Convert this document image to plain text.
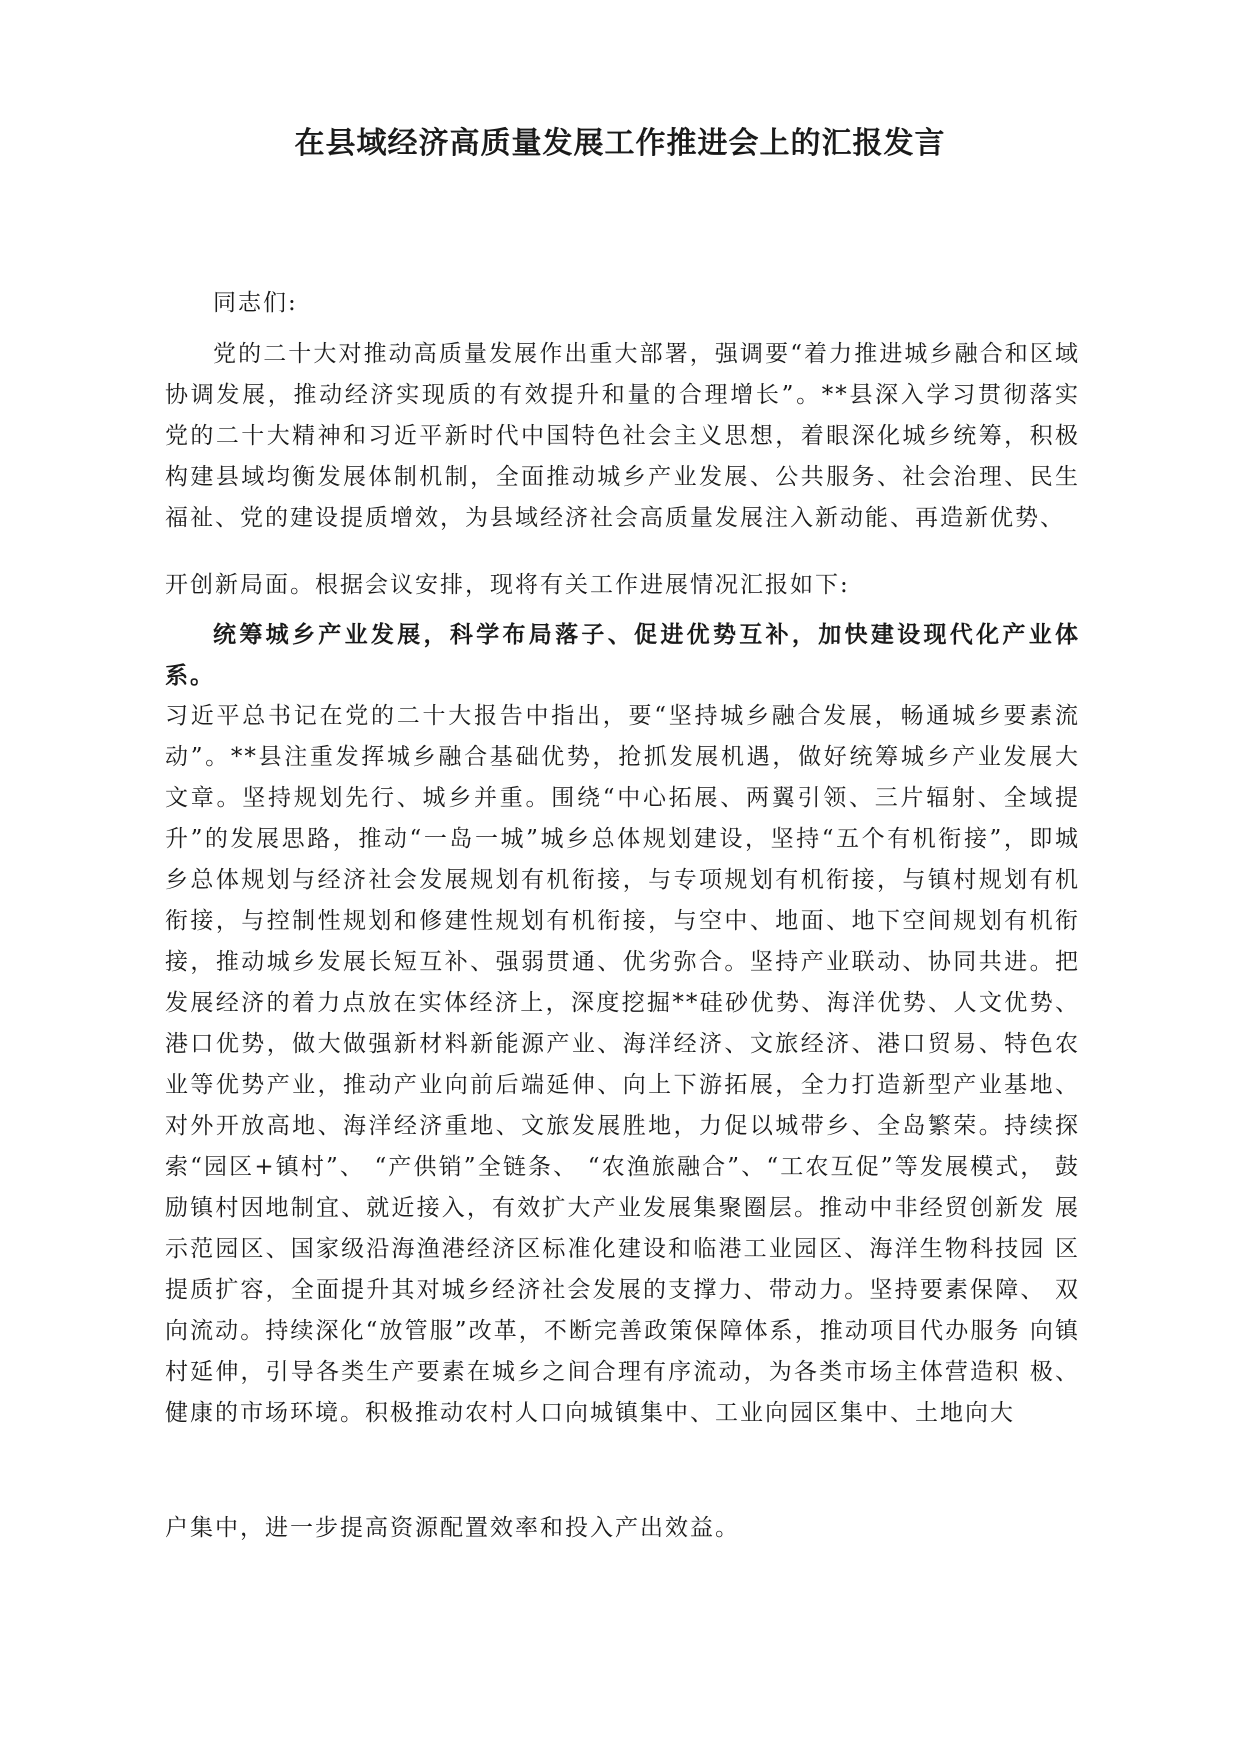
在县域经济高质量发展工作推进会上的汇报发言
同志们:
党的二十大对推动高质量发展作出重大部署，强调要“着力推进城乡融合和区域协调发展，推动经济实现质的有效提升和量的合理增长”。**县深入学习贯彻落实党的二十大精神和习近平新时代中国特色社会主义思想，着眼深化城乡统筹，积极构建县域均衡发展体制机制，全面推动城乡产业发展、公共服务、社会治理、民生福祉、党的建设提质增效，为县域经济社会高质量发展注入新动能、再造新优势、
开创新局面。根据会议安排，现将有关工作进展情况汇报如下:
统筹城乡产业发展，科学布局落子、促进优势互补，加快建设现代化产业体系。
习近平总书记在党的二十大报告中指出，要“坚持城乡融合发展，畅通城乡要素流动”。**县注重发挥城乡融合基础优势，抢抓发展机遇，做好统筹城乡产业发展大文章。坚持规划先行、城乡并重。围绕“中心拓展、两翼引领、三片辐射、全域提升”的发展思路，推动“一岛一城”城乡总体规划建设，坚持“五个有机衔接”，即城乡总体规划与经济社会发展规划有机衔接，与专项规划有机衔接，与镇村规划有机衔接，与控制性规划和修建性规划有机衔接，与空中、地面、地下空间规划有机衔接，推动城乡发展长短互补、强弱贯通、优劣弥合。坚持产业联动、协同共进。把发展经济的着力点放在实体经济上，深度挖掘**硅砂优势、海洋优势、人文优势、港口优势，做大做强新材料新能源产业、海洋经济、文旅经济、港口贸易、特色农业等优势产业，推动产业向前后端延伸、向上下游拓展，全力打造新型产业基地、对外开放高地、海洋经济重地、文旅发展胜地，力促以城带乡、全岛繁荣。持续探索“园区+镇村”、 “产供销”全链条、 “农渔旅融合”、“工农互促”等发展模式， 鼓励镇村因地制宜、就近接入，有效扩大产业发展集聚圈层。推动中非经贸创新发 展示范园区、国家级沿海渔港经济区标准化建设和临港工业园区、海洋生物科技园 区提质扩容，全面提升其对城乡经济社会发展的支撑力、带动力。坚持要素保障、 双向流动。持续深化“放管服”改革，不断完善政策保障体系，推动项目代办服务 向镇村延伸，引导各类生产要素在城乡之间合理有序流动，为各类市场主体营造积 极、健康的市场环境。积极推动农村人口向城镇集中、工业向园区集中、土地向大
户集中，进一步提高资源配置效率和投入产出效益。
